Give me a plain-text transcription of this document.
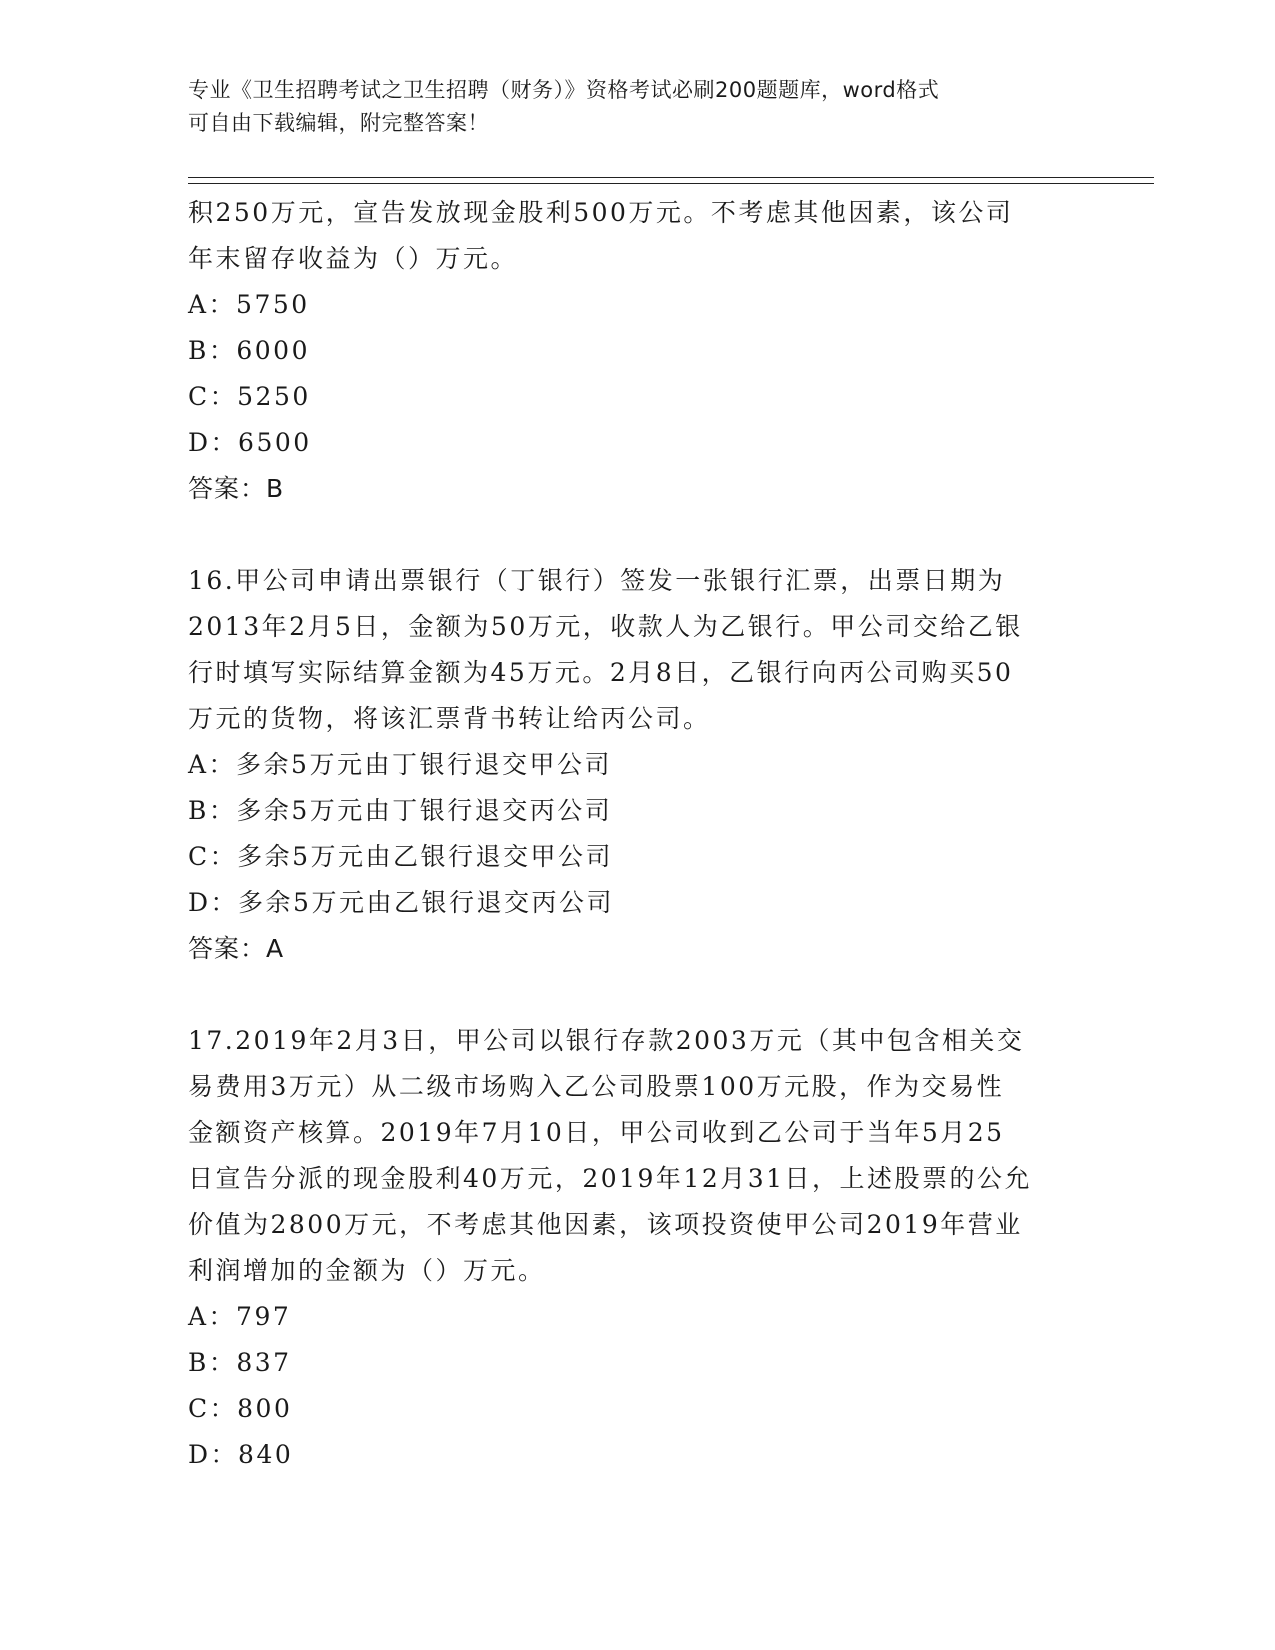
专业《卫生招聘考试之卫生招聘（财务）》资格考试必刷200题题库，word格式
可自由下载编辑，附完整答案！
积250万元，宣告发放现金股利500万元。不考虑其他因素，该公司
年末留存收益为（）万元。
A：5750
B：6000
C：5250
D：6500
答案：B
16.甲公司申请出票银行（丁银行）签发一张银行汇票，出票日期为
2013年2月5日，金额为50万元，收款人为乙银行。甲公司交给乙银
行时填写实际结算金额为45万元。2月8日，乙银行向丙公司购买50
万元的货物，将该汇票背书转让给丙公司。
A：多余5万元由丁银行退交甲公司
B：多余5万元由丁银行退交丙公司
C：多余5万元由乙银行退交甲公司
D：多余5万元由乙银行退交丙公司
答案：A
17.2019年2月3日，甲公司以银行存款2003万元（其中包含相关交
易费用3万元）从二级市场购入乙公司股票100万元股，作为交易性
金额资产核算。2019年7月10日，甲公司收到乙公司于当年5月25
日宣告分派的现金股利40万元，2019年12月31日，上述股票的公允
价值为2800万元，不考虑其他因素，该项投资使甲公司2019年营业
利润增加的金额为（）万元。
A：797
B：837
C：800
D：840
